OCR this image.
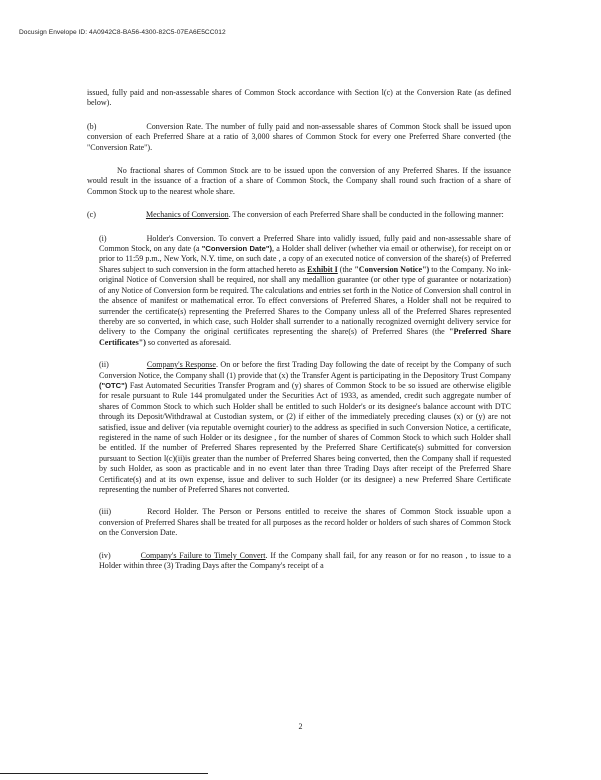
Docusign Envelope ID: 4A0942C8-BA56-4300-82C5-07EA6E5CC012

issued, fully paid and non-assessable shares of Common Stock accordance with Section l(c) at the Conversion Rate (as defined below).

(b)	Conversion Rate. The number of fully paid and non-assessable shares of Common Stock shall be issued upon conversion of each Preferred Share at a ratio of 3,000 shares of Common Stock for every one Preferred Share converted (the "Conversion Rate").

No fractional shares of Common Stock are to be issued upon the conversion of any Preferred Shares. If the issuance would result in the issuance of a fraction of a share of Common Stock, the Company shall round such fraction of a share of Common Stock up to the nearest whole share.

(c)	Mechanics of Conversion. The conversion of each Preferred Share shall be conducted in the following manner:

(i)	Holder's Conversion. To convert a Preferred Share into validly issued, fully paid and non-assessable share of Common Stock, on any date (a "Conversion Date"), a Holder shall deliver (whether via email or otherwise), for receipt on or prior to 11:59 p.m., New York, N.Y. time, on such date , a copy of an executed notice of conversion of the share(s) of Preferred Shares subject to such conversion in the form attached hereto as Exhibit I (the "Conversion Notice") to the Company. No ink-original Notice of Conversion shall be required, nor shall any medallion guarantee (or other type of guarantee or notarization) of any Notice of Conversion form be required. The calculations and entries set forth in the Notice of Conversion shall control in the absence of manifest or mathematical error. To effect conversions of Preferred Shares, a Holder shall not be required to surrender the certificate(s) representing the Preferred Shares to the Company unless all of the Preferred Shares represented thereby are so converted, in which case, such Holder shall surrender to a nationally recognized overnight delivery service for delivery to the Company the original certificates representing the share(s) of Preferred Shares (the "Preferred Share Certificates") so converted as aforesaid.

(ii)	Company's Response. On or before the first Trading Day following the date of receipt by the Company of such Conversion Notice, the Company shall (1) provide that (x) the Transfer Agent is participating in the Depository Trust Company ("OTC") Fast Automated Securities Transfer Program and (y) shares of Common Stock to be so issued are otherwise eligible for resale pursuant to Rule 144 promulgated under the Securities Act of 1933, as amended, credit such aggregate number of shares of Common Stock to which such Holder shall be entitled to such Holder's or its designee's balance account with DTC through its Deposit/Withdrawal at Custodian system, or (2) if either of the immediately preceding clauses (x) or (y) are not satisfied, issue and deliver (via reputable overnight courier) to the address as specified in such Conversion Notice, a certificate, registered in the name of such Holder or its designee , for the number of shares of Common Stock to which such Holder shall be entitled. If the number of Preferred Shares represented by the Preferred Share Certificate(s) submitted for conversion pursuant to Section l(c)(ii)is greater than the number of Preferred Shares being converted, then the Company shall if requested by such Holder, as soon as practicable and in no event later than three Trading Days after receipt of the Preferred Share Certificate(s) and at its own expense, issue and deliver to such Holder (or its designee) a new Preferred Share Certificate representing the number of Preferred Shares not converted.

(iii)	Record Holder. The Person or Persons entitled to receive the shares of Common Stock issuable upon a conversion of Preferred Shares shall be treated for all purposes as the record holder or holders of such shares of Common Stock on the Conversion Date.

(iv)	Company's Failure to Timely Convert. If the Company shall fail, for any reason or for no reason , to issue to a Holder within three (3) Trading Days after the Company's receipt of a

2
